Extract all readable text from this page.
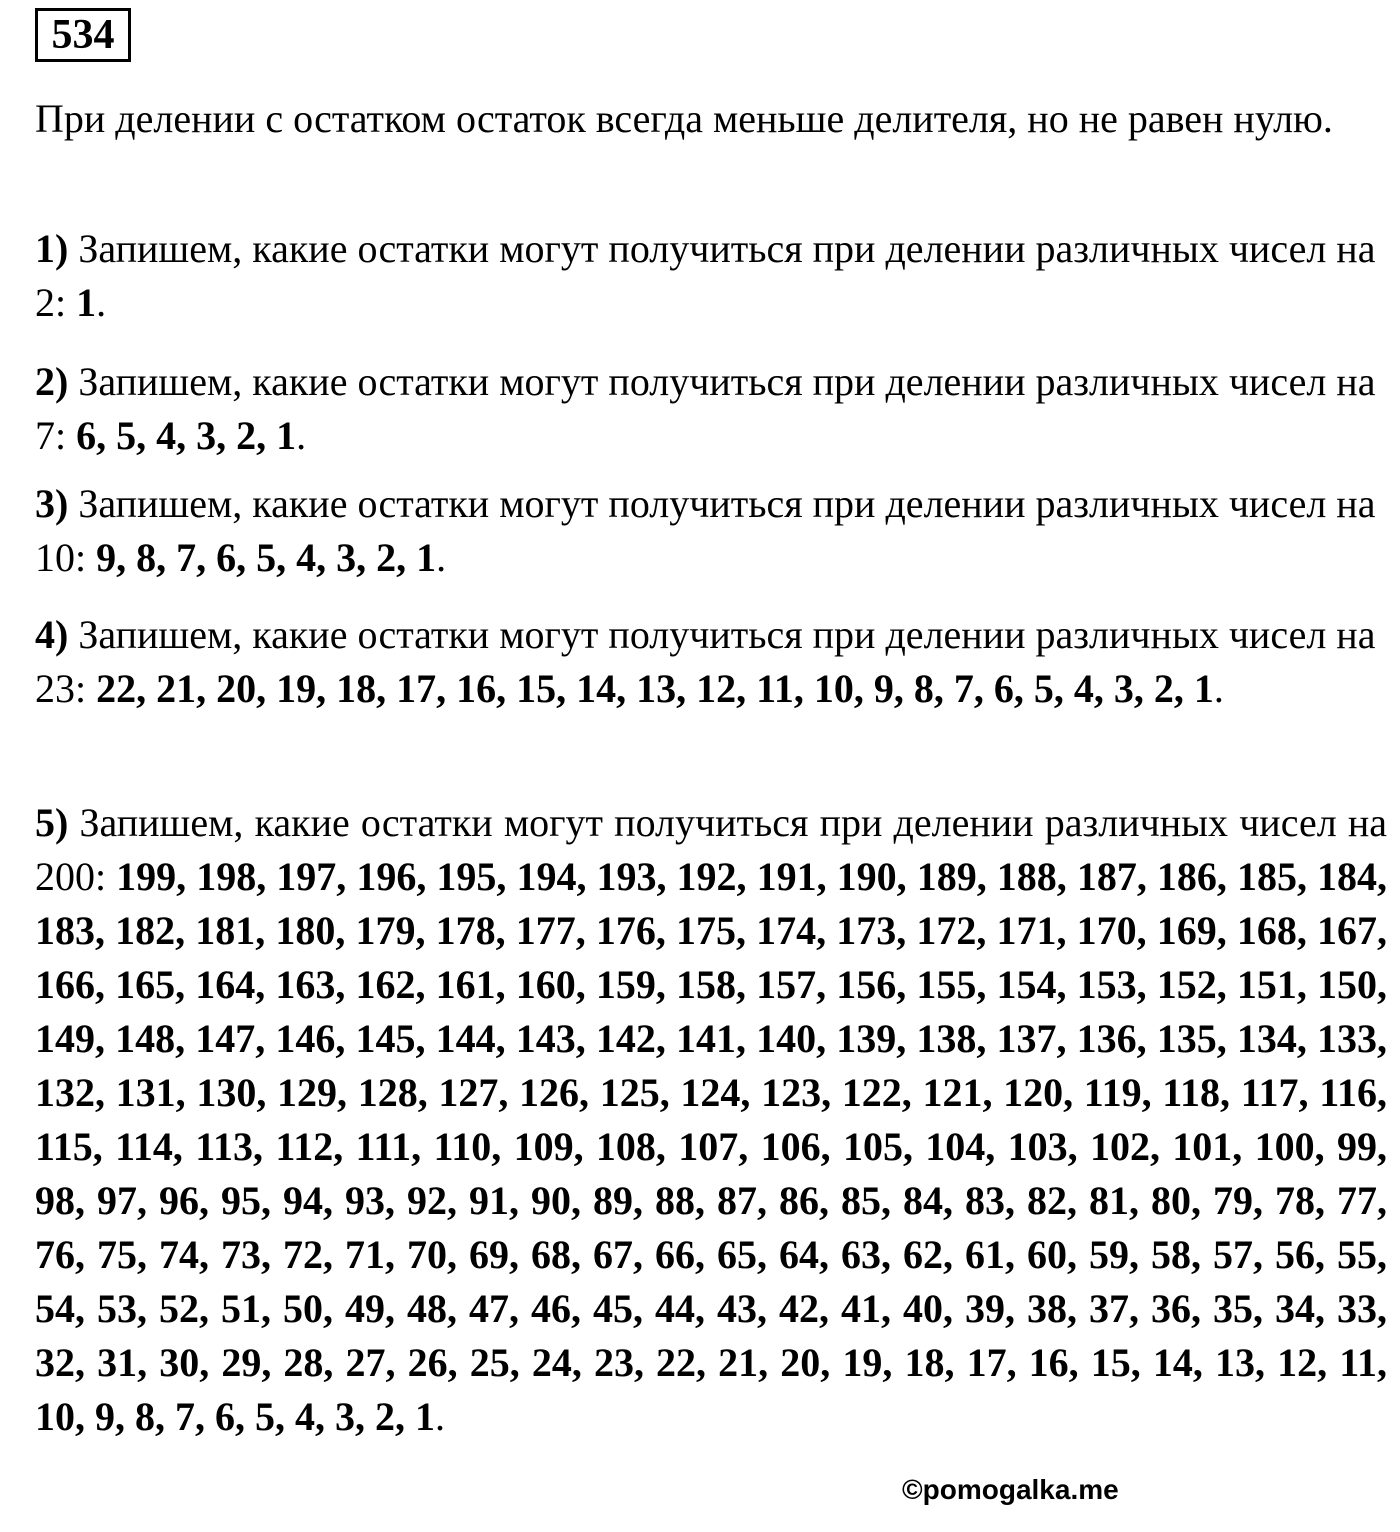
534

При делении с остатком остаток всегда меньше делителя, но не равен нулю.

1) Запишем, какие остатки могут получиться при делении различных чисел на 2: 1.

2) Запишем, какие остатки могут получиться при делении различных чисел на 7: 6, 5, 4, 3, 2, 1.

3) Запишем, какие остатки могут получиться при делении различных чисел на 10: 9, 8, 7, 6, 5, 4, 3, 2, 1.

4) Запишем, какие остатки могут получиться при делении различных чисел на 23: 22, 21, 20, 19, 18, 17, 16, 15, 14, 13, 12, 11, 10, 9, 8, 7, 6, 5, 4, 3, 2, 1.

5) Запишем, какие остатки могут получиться при делении различных чисел на 200: 199, 198, 197, 196, 195, 194, 193, 192, 191, 190, 189, 188, 187, 186, 185, 184, 183, 182, 181, 180, 179, 178, 177, 176, 175, 174, 173, 172, 171, 170, 169, 168, 167, 166, 165, 164, 163, 162, 161, 160, 159, 158, 157, 156, 155, 154, 153, 152, 151, 150, 149, 148, 147, 146, 145, 144, 143, 142, 141, 140, 139, 138, 137, 136, 135, 134, 133, 132, 131, 130, 129, 128, 127, 126, 125, 124, 123, 122, 121, 120, 119, 118, 117, 116, 115, 114, 113, 112, 111, 110, 109, 108, 107, 106, 105, 104, 103, 102, 101, 100, 99, 98, 97, 96, 95, 94, 93, 92, 91, 90, 89, 88, 87, 86, 85, 84, 83, 82, 81, 80, 79, 78, 77, 76, 75, 74, 73, 72, 71, 70, 69, 68, 67, 66, 65, 64, 63, 62, 61, 60, 59, 58, 57, 56, 55, 54, 53, 52, 51, 50, 49, 48, 47, 46, 45, 44, 43, 42, 41, 40, 39, 38, 37, 36, 35, 34, 33, 32, 31, 30, 29, 28, 27, 26, 25, 24, 23, 22, 21, 20, 19, 18, 17, 16, 15, 14, 13, 12, 11, 10, 9, 8, 7, 6, 5, 4, 3, 2, 1.

©pomogalka.me
